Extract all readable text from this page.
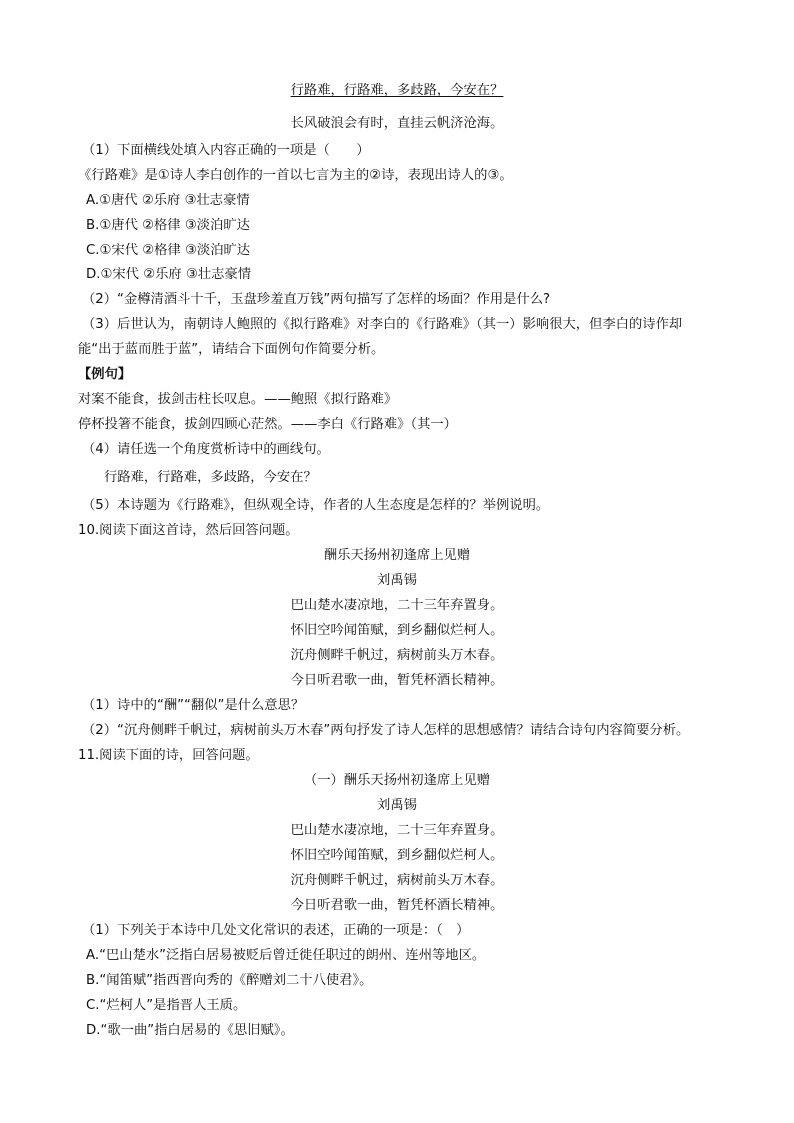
行路难，行路难，多歧路，今安在？
长风破浪会有时，直挂云帆济沧海。
（1）下面横线处填入内容正确的一项是（　　）
《行路难》是①诗人李白创作的一首以七言为主的②诗，表现出诗人的③。
A.①唐代 ②乐府 ③壮志豪情
B.①唐代 ②格律 ③淡泊旷达
C.①宋代 ②格律 ③淡泊旷达
D.①宋代 ②乐府 ③壮志豪情
（2）“金樽清酒斗十千，玉盘珍羞直万钱”两句描写了怎样的场面？作用是什么?
（3）后世认为，南朝诗人鲍照的《拟行路难》对李白的《行路难》（其一）影响很大，但李白的诗作却
能“出于蓝而胜于蓝”，请结合下面例句作简要分析。
【例句】
对案不能食，拔剑击柱长叹息。——鲍照《拟行路难》
停杯投箸不能食，拔剑四顾心茫然。——李白《行路难》（其一）
（4）请任选一个角度赏析诗中的画线句。
行路难，行路难，多歧路，今安在？
（5）本诗题为《行路难》，但纵观全诗，作者的人生态度是怎样的？举例说明。
10.阅读下面这首诗，然后回答问题。
酬乐天扬州初逢席上见赠
刘禹锡
巴山楚水凄凉地，二十三年弃置身。
怀旧空吟闻笛赋，到乡翻似烂柯人。
沉舟侧畔千帆过，病树前头万木春。
今日听君歌一曲，暂凭杯酒长精神。
（1）诗中的“酬”“翻似”是什么意思？
（2）“沉舟侧畔千帆过，病树前头万木春”两句抒发了诗人怎样的思想感情？请结合诗句内容简要分析。
11.阅读下面的诗，回答问题。
（一）酬乐天扬州初逢席上见赠
刘禹锡
巴山楚水凄凉地，二十三年弃置身。
怀旧空吟闻笛赋，到乡翻似烂柯人。
沉舟侧畔千帆过，病树前头万木春。
今日听君歌一曲，暂凭杯酒长精神。
（1）下列关于本诗中几处文化常识的表述，正确的一项是：（　）
A.“巴山楚水”泛指白居易被贬后曾迁徙任职过的朗州、连州等地区。
B.“闻笛赋”指西晋向秀的《醉赠刘二十八使君》。
C.“烂柯人”是指晋人王质。
D.“歌一曲”指白居易的《思旧赋》。
